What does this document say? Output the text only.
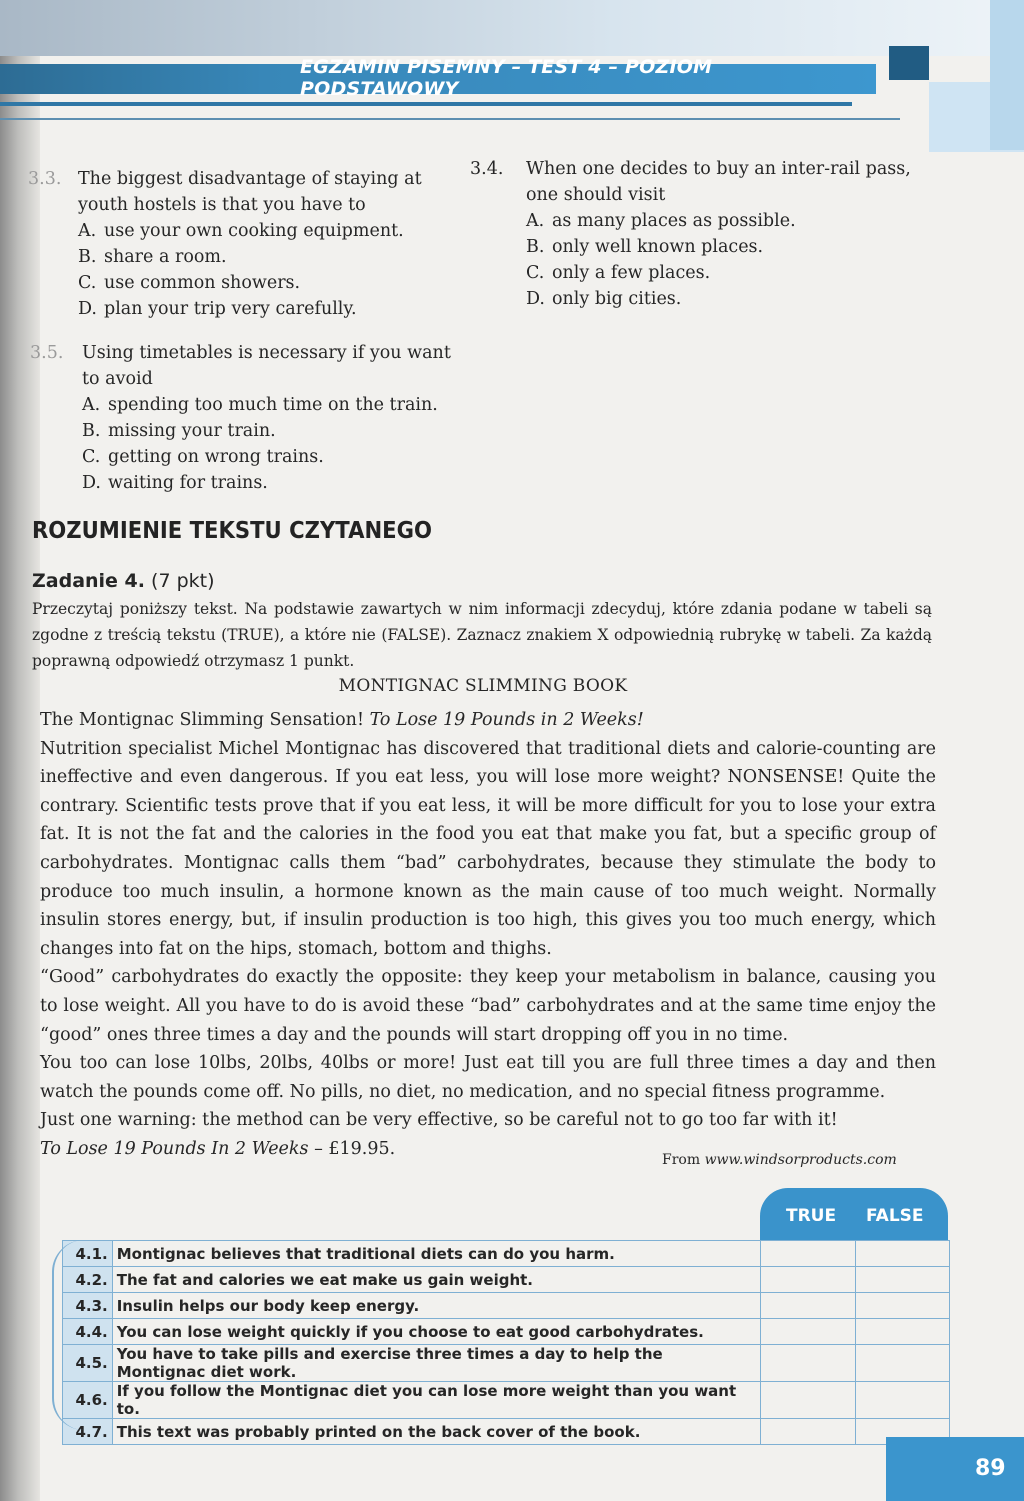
EGZAMIN PISEMNY – TEST 4 – POZIOM PODSTAWOWY
3.3. The biggest disadvantage of staying at
youth hostels is that you have to
A. use your own cooking equipment.
B. share a room.
C. use common showers.
D. plan your trip very carefully.
3.4.	When one decides to buy an inter-rail pass,
one should visit
A. as many places as possible.
B. only well known places.
C. only a few places.
D. only big cities.
3.5.	Using timetables is necessary if you want
to avoid
A. spending too much time on the train.
B. missing your train.
C. getting on wrong trains.
D. waiting for trains.
ROZUMIENIE TEKSTU CZYTANEGO
Zadanie 4. (7 pkt)
Przeczytaj poniższy tekst. Na podstawie zawartych w nim informacji zdecyduj, które zdania podane w tabeli są zgodne z treścią tekstu (TRUE), a które nie (FALSE). Zaznacz znakiem X odpowiednią rubrykę w tabeli. Za każdą poprawną odpowiedź otrzymasz 1 punkt.
MONTIGNAC SLIMMING BOOK

The Montignac Slimming Sensation! To Lose 19 Pounds in 2 Weeks!

Nutrition specialist Michel Montignac has discovered that traditional diets and calorie-counting are ineffective and even dangerous. If you eat less, you will lose more weight? NONSENSE! Quite the contrary. Scientific tests prove that if you eat less, it will be more difficult for you to lose your extra fat. It is not the fat and the calories in the food you eat that make you fat, but a specific group of carbohydrates. Montignac calls them “bad” carbohydrates, because they stimulate the body to produce too much insulin, a hormone known as the main cause of too much weight. Normally insulin stores energy, but, if insulin production is too high, this gives you too much energy, which changes into fat on the hips, stomach, bottom and thighs.

“Good” carbohydrates do exactly the opposite: they keep your metabolism in balance, causing you to lose weight. All you have to do is avoid these “bad” carbohydrates and at the same time enjoy the “good” ones three times a day and the pounds will start dropping off you in no time.

You too can lose 10lbs, 20lbs, 40lbs or more! Just eat till you are full three times a day and then watch the pounds come off. No pills, no diet, no medication, and no special fitness programme.

Just one warning: the method can be very effective, so be careful not to go too far with it!

To Lose 19 Pounds In 2 Weeks – £19.95.

From www.windsorproducts.com
TRUE FALSE
4.1.	Montignac believes that traditional diets can do you harm.		
4.2.	The fat and calories we eat make us gain weight.		
4.3.	Insulin helps our body keep energy.		
4.4.	You can lose weight quickly if you choose to eat good carbohydrates.		
4.5.	You have to take pills and exercise three times a day to help the Montignac diet work.		
4.6.	If you follow the Montignac diet you can lose more weight than you want to.		
4.7.	This text was probably printed on the back cover of the book.		
89
